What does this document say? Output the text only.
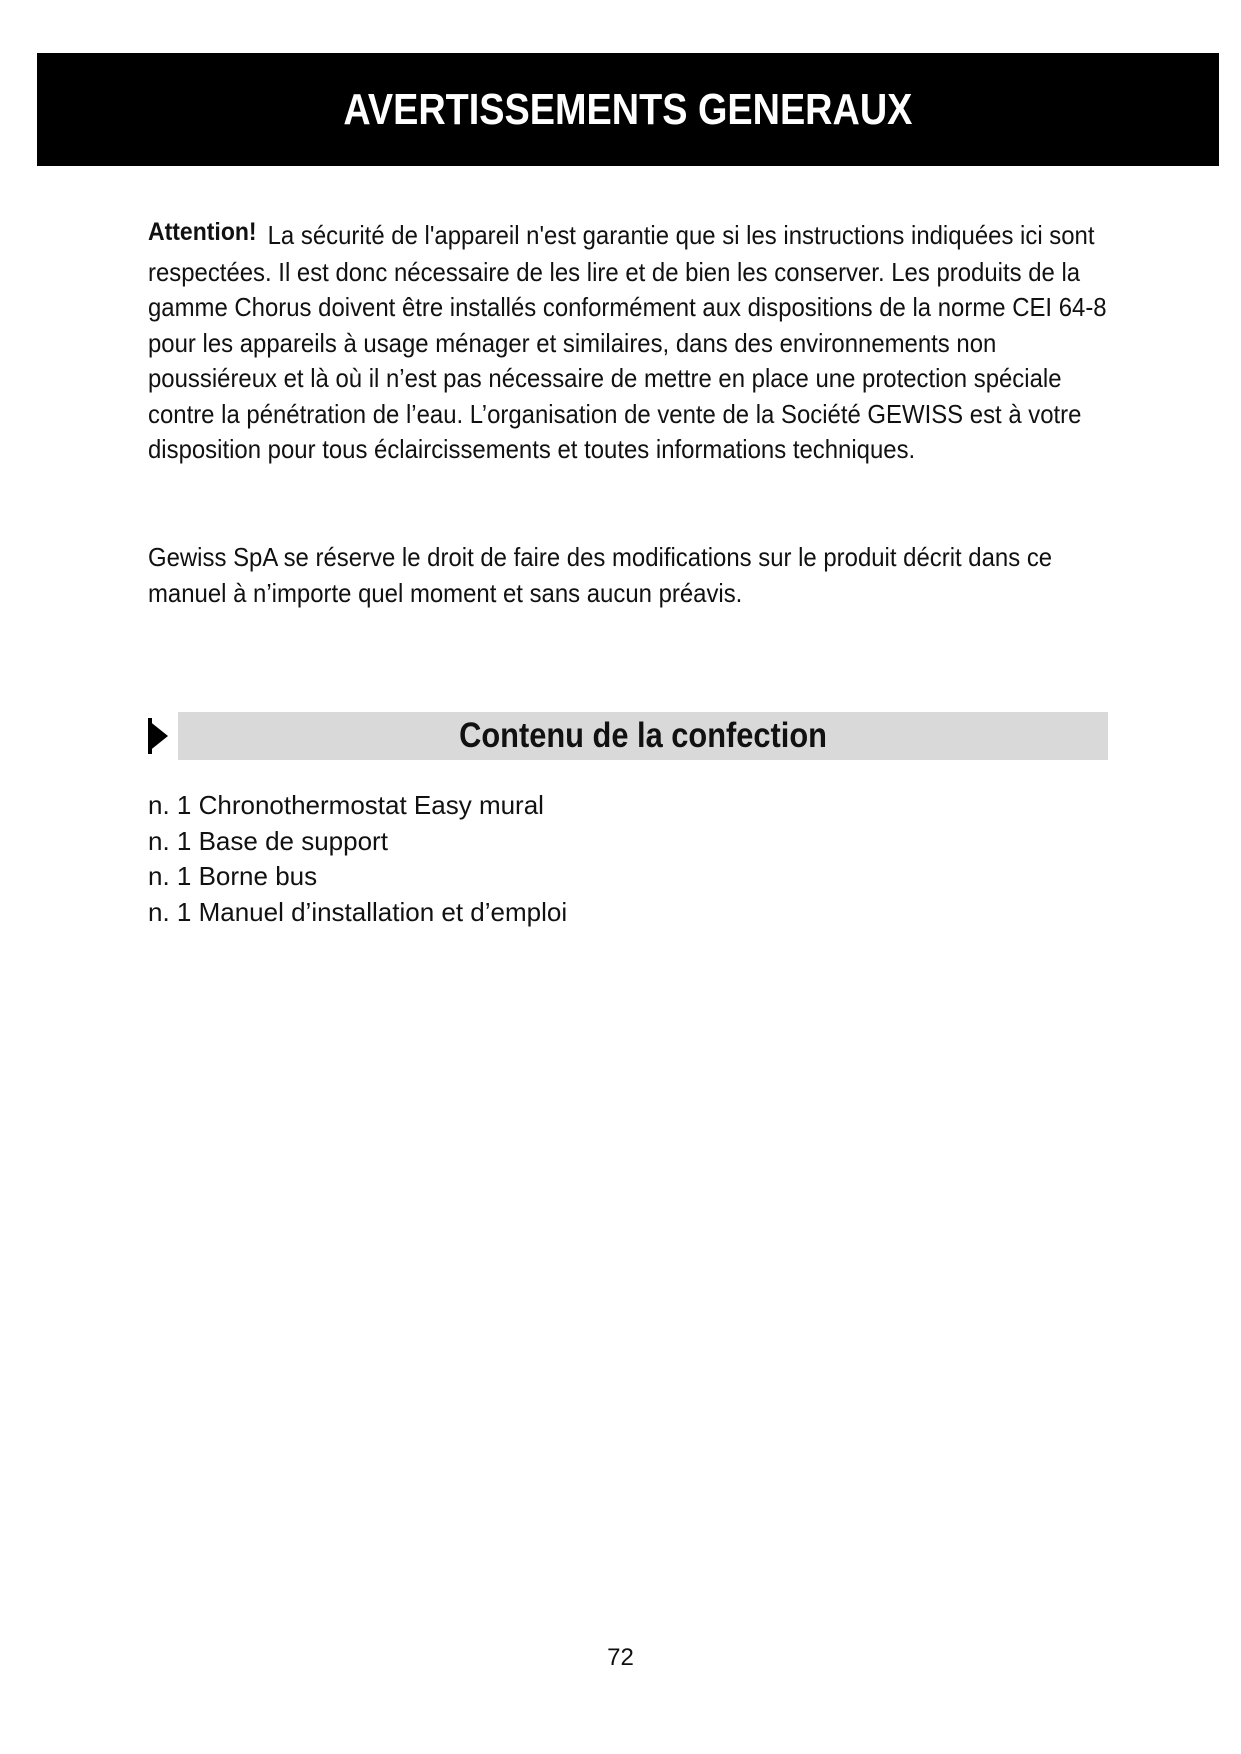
AVERTISSEMENTS GENERAUX
Attention! La sécurité de l'appareil n'est garantie que si les instructions indiquées ici sont respectées. Il est donc nécessaire de les lire et de bien les conserver. Les produits de la gamme Chorus doivent être installés conformément aux dispositions de la norme CEI 64-8 pour les appareils à usage ménager et similaires, dans des environnements non poussiéreux et là où il n’est pas nécessaire de mettre en place une protection spéciale contre la pénétration de l’eau. L’organisation de vente de la Société GEWISS est à votre disposition pour tous éclaircissements et toutes informations techniques.
Gewiss SpA se réserve le droit de faire des modifications sur le produit décrit dans ce manuel à n’importe quel moment et sans aucun préavis.
Contenu de la confection
n. 1 Chronothermostat Easy mural
n. 1 Base de support
n. 1 Borne bus
n. 1 Manuel d’installation et d’emploi
72
